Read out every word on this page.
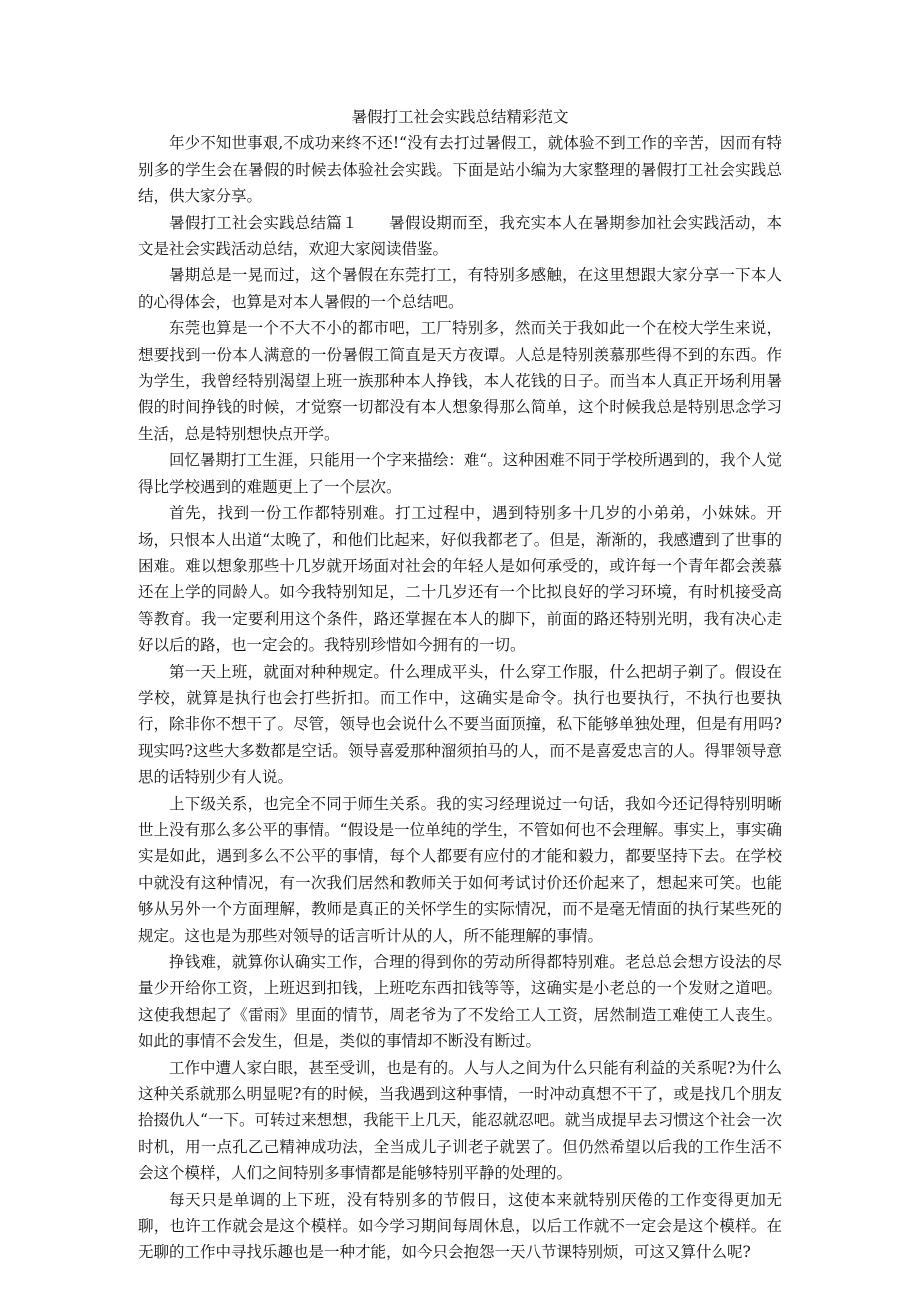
暑假打工社会实践总结精彩范文

年少不知世事艰,不成功来终不还!“没有去打过暑假工，就体验不到工作的辛苦，因而有特别多的学生会在暑假的时候去体验社会实践。下面是站小编为大家整理的暑假打工社会实践总结，供大家分享。

暑假打工社会实践总结篇１　　暑假设期而至，我充实本人在暑期参加社会实践活动，本文是社会实践活动总结，欢迎大家阅读借鉴。

暑期总是一晃而过，这个暑假在东莞打工，有特别多感触，在这里想跟大家分享一下本人的心得体会，也算是对本人暑假的一个总结吧。

东莞也算是一个不大不小的都市吧，工厂特别多，然而关于我如此一个在校大学生来说，想要找到一份本人满意的一份暑假工简直是天方夜谭。人总是特别羡慕那些得不到的东西。作为学生，我曾经特别渴望上班一族那种本人挣钱，本人花钱的日子。而当本人真正开场利用暑假的时间挣钱的时候，才觉察一切都没有本人想象得那么简单，这个时候我总是特别思念学习生活，总是特别想快点开学。

回忆暑期打工生涯，只能用一个字来描绘：难“。这种困难不同于学校所遇到的，我个人觉得比学校遇到的难题更上了一个层次。

首先，找到一份工作都特别难。打工过程中，遇到特别多十几岁的小弟弟，小妹妹。开场，只恨本人出道“太晚了，和他们比起来，好似我都老了。但是，渐渐的，我感遭到了世事的困难。难以想象那些十几岁就开场面对社会的年轻人是如何承受的，或许每一个青年都会羡慕还在上学的同龄人。如今我特别知足，二十几岁还有一个比拟良好的学习环境，有时机接受高等教育。我一定要利用这个条件，路还掌握在本人的脚下，前面的路还特别光明，我有决心走好以后的路，也一定会的。我特别珍惜如今拥有的一切。

第一天上班，就面对种种规定。什么理成平头，什么穿工作服，什么把胡子剃了。假设在学校，就算是执行也会打些折扣。而工作中，这确实是命令。执行也要执行，不执行也要执行，除非你不想干了。尽管，领导也会说什么不要当面顶撞，私下能够单独处理，但是有用吗?现实吗?这些大多数都是空话。领导喜爱那种溜须拍马的人，而不是喜爱忠言的人。得罪领导意思的话特别少有人说。

上下级关系，也完全不同于师生关系。我的实习经理说过一句话，我如今还记得特别明晰世上没有那么多公平的事情。“假设是一位单纯的学生，不管如何也不会理解。事实上，事实确实是如此，遇到多么不公平的事情，每个人都要有应付的才能和毅力，都要坚持下去。在学校中就没有这种情况，有一次我们居然和教师关于如何考试讨价还价起来了，想起来可笑。也能够从另外一个方面理解，教师是真正的关怀学生的实际情况，而不是毫无情面的执行某些死的规定。这也是为那些对领导的话言听计从的人，所不能理解的事情。

挣钱难，就算你认确实工作，合理的得到你的劳动所得都特别难。老总总会想方设法的尽量少开给你工资，上班迟到扣钱，上班吃东西扣钱等等，这确实是小老总的一个发财之道吧。这使我想起了《雷雨》里面的情节，周老爷为了不发给工人工资，居然制造工难使工人丧生。如此的事情不会发生，但是，类似的事情却不断没有断过。

工作中遭人家白眼，甚至受训，也是有的。人与人之间为什么只能有利益的关系呢?为什么这种关系就那么明显呢?有的时候，当我遇到这种事情，一时冲动真想不干了，或是找几个朋友拾掇仇人“一下。可转过来想想，我能干上几天，能忍就忍吧。就当成提早去习惯这个社会一次时机，用一点孔乙己精神成功法，全当成儿子训老子就罢了。但仍然希望以后我的工作生活不会这个模样，人们之间特别多事情都是能够特别平静的处理的。

每天只是单调的上下班，没有特别多的节假日，这使本来就特别厌倦的工作变得更加无聊，也许工作就会是这个模样。如今学习期间每周休息，以后工作就不一定会是这个模样。在无聊的工作中寻找乐趣也是一种才能，如今只会抱怨一天八节课特别烦，可这又算什么呢?
